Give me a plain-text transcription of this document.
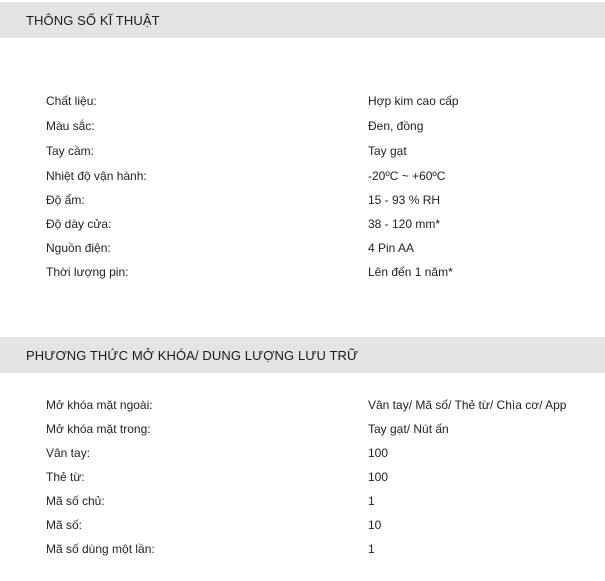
THÔNG SỐ KĨ THUẬT
Chất liệu:	Hợp kim cao cấp
Màu sắc:	Đen, đồng
Tay cầm:	Tay gạt
Nhiệt độ vận hành:	-20ºC ~ +60ºC
Độ ẩm:	15 - 93 % RH
Độ dày cửa:	38 - 120 mm*
Nguồn điện:	4 Pin AA
Thời lượng pin:	Lên đến 1 năm*
PHƯƠNG THỨC MỞ KHÓA/ DUNG LƯỢNG LƯU TRỮ
Mở khóa mặt ngoài:	Vân tay/ Mã số/ Thẻ từ/ Chìa cơ/ App
Mở khóa mặt trong:	Tay gạt/ Nút ấn
Vân tay:	100
Thẻ từ:	100
Mã số chủ:	1
Mã số:	10
Mã số dùng một lần:	1
